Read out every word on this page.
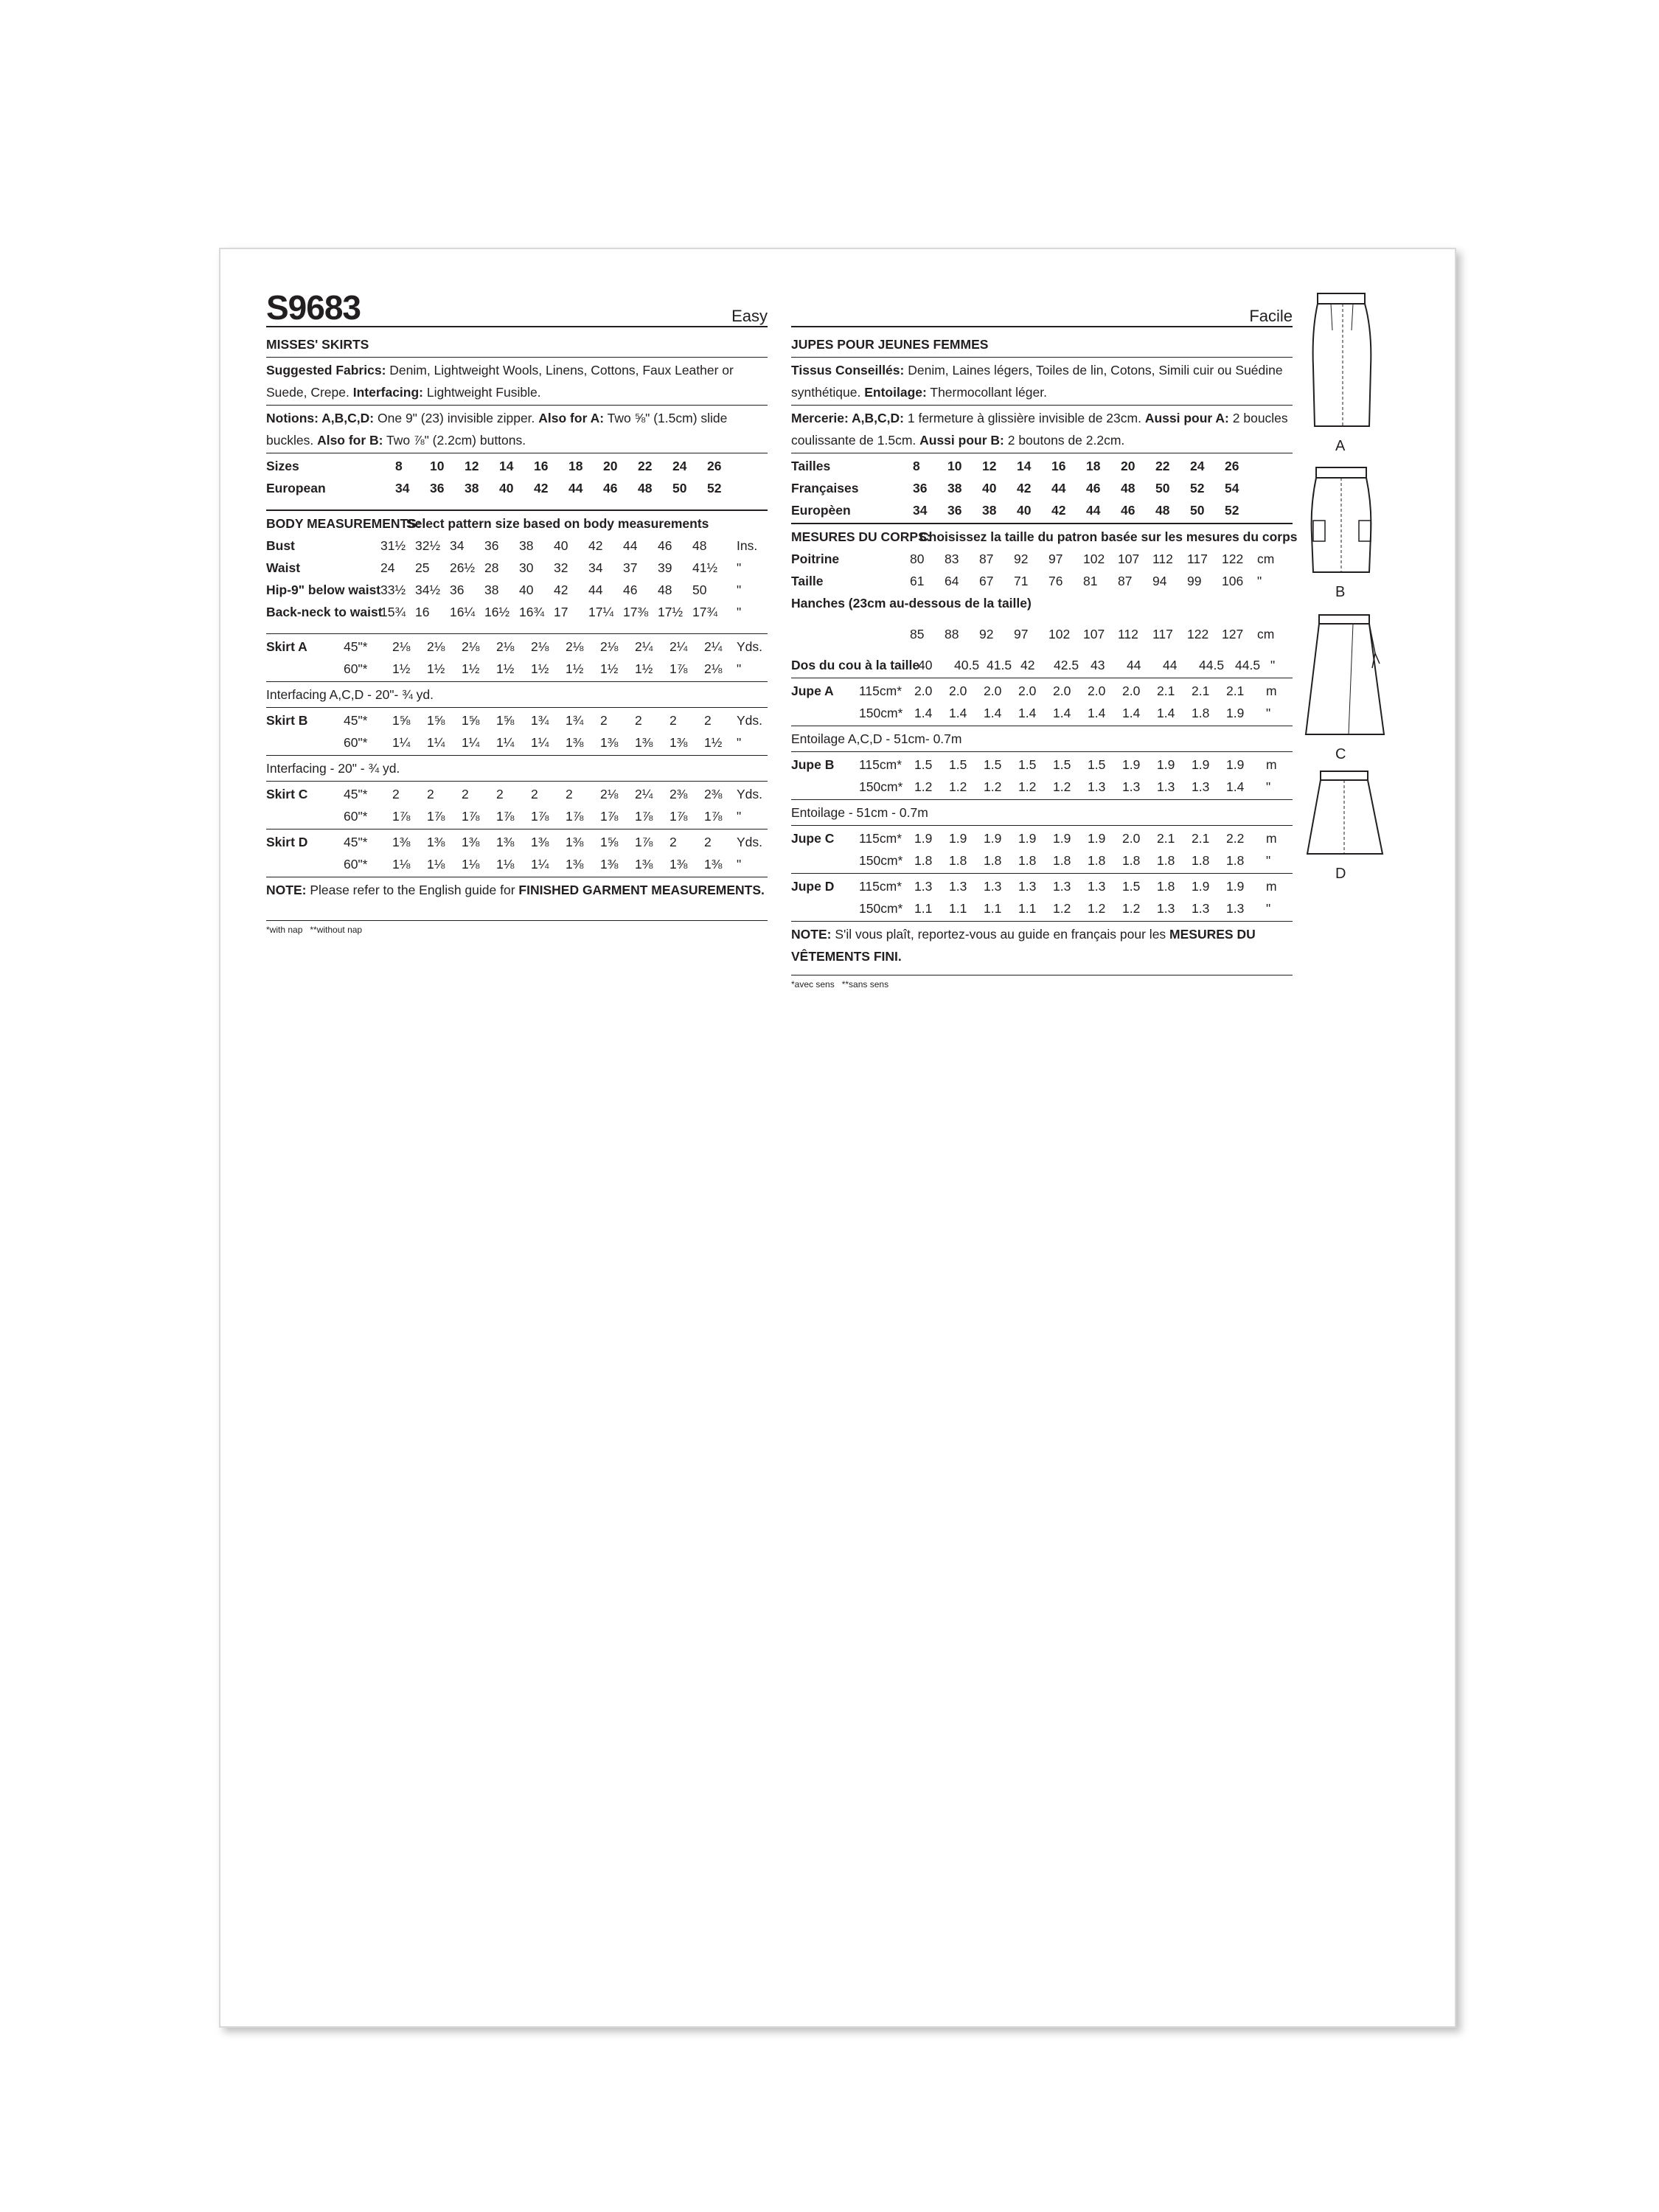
S9683	Easy
MISSES' SKIRTS
Suggested Fabrics: Denim, Lightweight Wools, Linens, Cottons, Faux Leather or Suede, Crepe. Interfacing: Lightweight Fusible.
Notions: A,B,C,D: One 9" (23) invisible zipper. Also for A: Two ⅝" (1.5cm) slide buckles. Also for B: Two ⅞" (2.2cm) buttons.
Sizes	8 10 12 14 16 18 20 22 24 26
European	34 36 38 40 42 44 46 48 50 52
BODY MEASUREMENTS:
Select pattern size based on body measurements
Bust	31½ 32½ 34 36 38 40 42 44 46 48 Ins.
Waist	24 25 26½ 28 30 32 34 37 39 41½ "
Hip-9" below waist 33½ 34½ 36 38 40 42 44 46 48 50 "
Back-neck to waist
15¾ 16 16¼ 16½ 16¾ 17 17¼ 17⅜ 17½ 17¾ "
Skirt A	45"* 2⅛ 2⅛ 2⅛ 2⅛ 2⅛ 2⅛ 2⅛ 2¼ 2¼ 2¼ Yds.
60"* 1½ 1½ 1½ 1½ 1½ 1½ 1½ 1½ 1⅞ 2⅛ "
Interfacing A,C,D - 20"- ¾ yd.
Skirt B	45"* 1⅝ 1⅝ 1⅝ 1⅝ 1¾ 1¾ 2 2 2 2 Yds.
60"* 1¼ 1¼ 1¼ 1¼ 1¼ 1⅜ 1⅜ 1⅜ 1⅜ 1½ "
Interfacing - 20" - ¾ yd.
Skirt C	45"* 2 2 2 2 2 2 2⅛ 2¼ 2⅜ 2⅜ Yds.
60"* 1⅞ 1⅞ 1⅞ 1⅞ 1⅞ 1⅞ 1⅞ 1⅞ 1⅞ 1⅞ "
Skirt D	45"* 1⅜ 1⅜ 1⅜ 1⅜ 1⅜ 1⅜ 1⅝ 1⅞ 2 2 Yds.
60"* 1⅛ 1⅛ 1⅛ 1⅛ 1¼ 1⅜ 1⅜ 1⅜ 1⅜ 1⅜ "
NOTE: Please refer to the English guide for FINISHED GARMENT MEASUREMENTS.
*with nap   **without nap
Facile
JUPES POUR JEUNES FEMMES
Tissus Conseillés: Denim, Laines légers, Toiles de lin, Cotons, Simili cuir ou Suédine synthétique. Entoilage: Thermocollant léger.
Mercerie: A,B,C,D: 1 fermeture à glissière invisible de 23cm. Aussi pour A: 2 boucles coulissante de 1.5cm. Aussi pour B: 2 boutons de 2.2cm.
Tailles	8 10 12 14 16 18 20 22 24 26
Françaises	36 38 40 42 44 46 48 50 52 54
Europèen	34 36 38 40 42 44 46 48 50 52
MESURES DU CORPS:
Choisissez la taille du patron basée sur les mesures du corps
Poitrine	80 83 87 92 97 102 107 112 117 122 cm
Taille	61 64 67 71 76 81 87 94 99 106 "
Hanches (23cm au-dessous de la taille)
85 88 92 97 102 107 112 117 122 127 cm
Dos du cou à la taille
40 40.5 41.5 42 42.5 43 44 44 44.5 44.5 "
Jupe A 115cm* 2.0 2.0 2.0 2.0 2.0 2.0 2.0 2.1 2.1 2.1 m
150cm* 1.4 1.4 1.4 1.4 1.4 1.4 1.4 1.4 1.8 1.9 "
Entoilage A,C,D - 51cm- 0.7m
Jupe B 115cm* 1.5 1.5 1.5 1.5 1.5 1.5 1.9 1.9 1.9 1.9 m
150cm* 1.2 1.2 1.2 1.2 1.2 1.3 1.3 1.3 1.3 1.4 "
Entoilage - 51cm - 0.7m
Jupe C 115cm* 1.9 1.9 1.9 1.9 1.9 1.9 2.0 2.1 2.1 2.2 m
150cm* 1.8 1.8 1.8 1.8 1.8 1.8 1.8 1.8 1.8 1.8 "
Jupe D 115cm* 1.3 1.3 1.3 1.3 1.3 1.3 1.5 1.8 1.9 1.9 m
150cm* 1.1 1.1 1.1 1.1 1.2 1.2 1.2 1.3 1.3 1.3 "
NOTE: S'il vous plaît, reportez-vous au guide en français pour les MESURES DU VÊTEMENTS FINI.
*avec sens   **sans sens
A
B
C
D
